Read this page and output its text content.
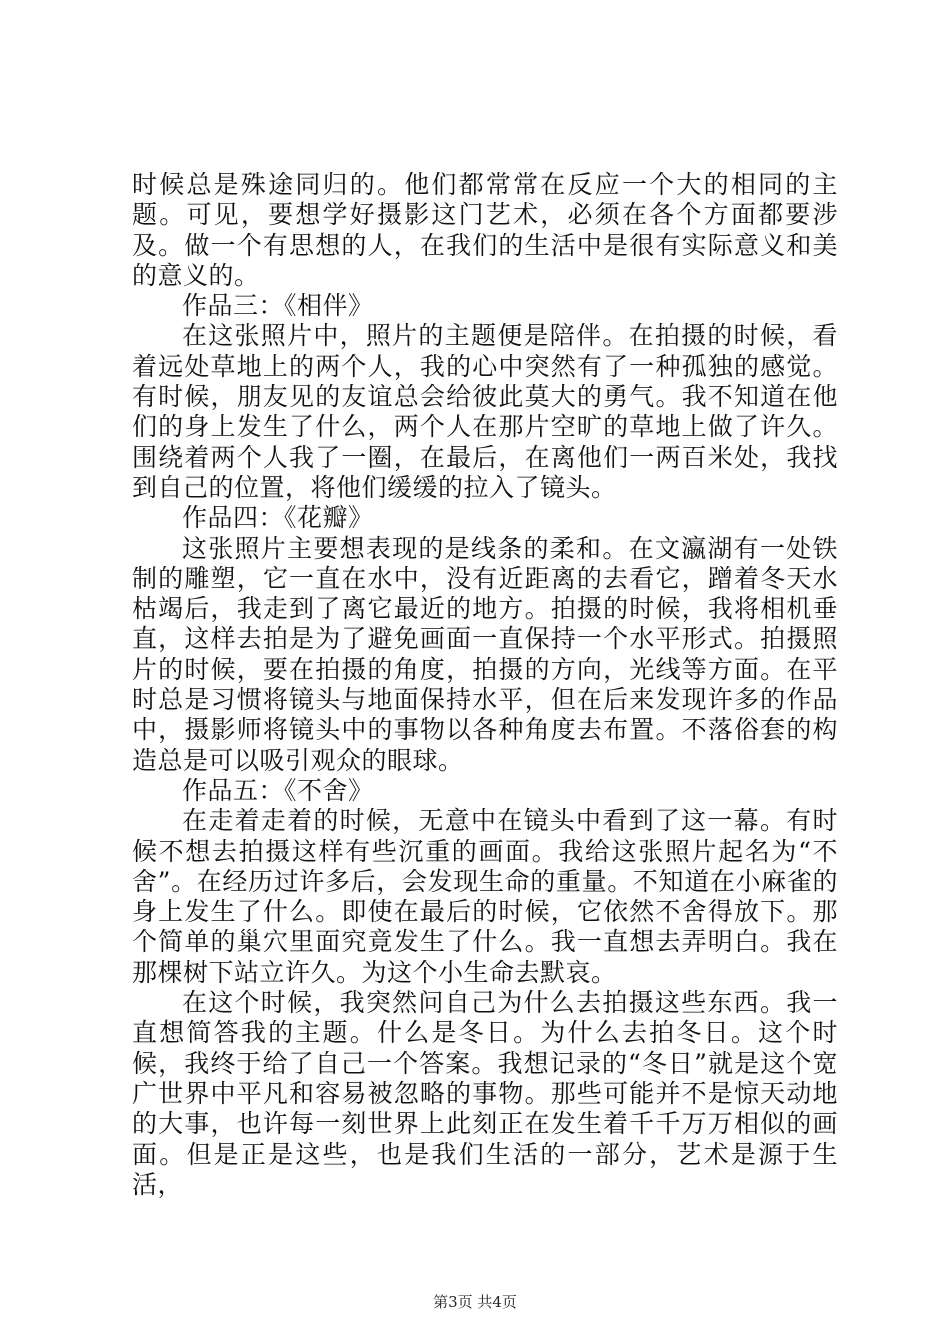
时候总是殊途同归的。他们都常常在反应一个大的相同的主题。可见，要想学好摄影这门艺术，必须在各个方面都要涉及。做一个有思想的人，在我们的生活中是很有实际意义和美的意义的。

作品三：《相伴》

在这张照片中，照片的主题便是陪伴。在拍摄的时候，看着远处草地上的两个人，我的心中突然有了一种孤独的感觉。有时候，朋友见的友谊总会给彼此莫大的勇气。我不知道在他们的身上发生了什么，两个人在那片空旷的草地上做了许久。围绕着两个人我了一圈，在最后，在离他们一两百米处，我找到自己的位置，将他们缓缓的拉入了镜头。

作品四：《花瓣》

这张照片主要想表现的是线条的柔和。在文瀛湖有一处铁制的雕塑，它一直在水中，没有近距离的去看它，蹭着冬天水枯竭后，我走到了离它最近的地方。拍摄的时候，我将相机垂直，这样去拍是为了避免画面一直保持一个水平形式。拍摄照片的时候，要在拍摄的角度，拍摄的方向，光线等方面。在平时总是习惯将镜头与地面保持水平，但在后来发现许多的作品中，摄影师将镜头中的事物以各种角度去布置。不落俗套的构造总是可以吸引观众的眼球。

作品五：《不舍》

在走着走着的时候，无意中在镜头中看到了这一幕。有时候不想去拍摄这样有些沉重的画面。我给这张照片起名为“不舍”。在经历过许多后，会发现生命的重量。不知道在小麻雀的身上发生了什么。即使在最后的时候，它依然不舍得放下。那个简单的巢穴里面究竟发生了什么。我一直想去弄明白。我在那棵树下站立许久。为这个小生命去默哀。

在这个时候，我突然问自己为什么去拍摄这些东西。我一直想简答我的主题。什么是冬日。为什么去拍冬日。这个时候，我终于给了自己一个答案。我想记录的“冬日”就是这个宽广世界中平凡和容易被忽略的事物。那些可能并不是惊天动地的大事，也许每一刻世界上此刻正在发生着千千万万相似的画面。但是正是这些，也是我们生活的一部分，艺术是源于生活，

第3页 共4页
